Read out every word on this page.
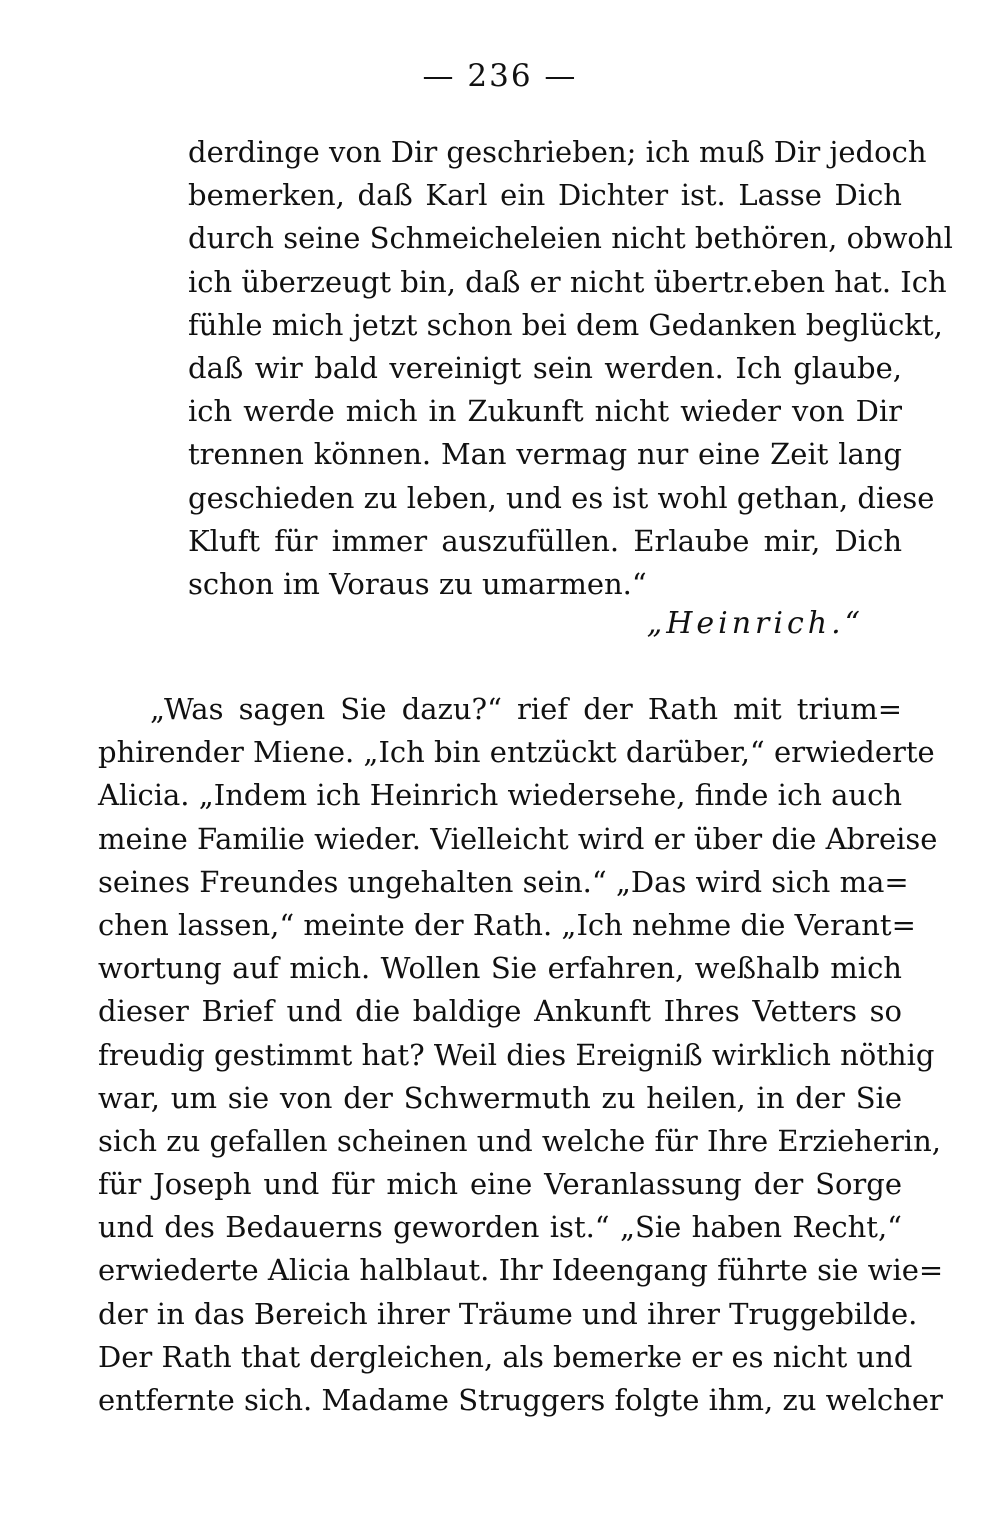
— 236 —
derdinge von Dir geschrieben; ich muß Dir jedoch
bemerken, daß Karl ein Dichter ist. Lasse Dich
durch seine Schmeicheleien nicht bethören, obwohl
ich überzeugt bin, daß er nicht übertr.eben hat. Ich
fühle mich jetzt schon bei dem Gedanken beglückt,
daß wir bald vereinigt sein werden. Ich glaube,
ich werde mich in Zukunft nicht wieder von Dir
trennen können. Man vermag nur eine Zeit lang
geschieden zu leben, und es ist wohl gethan, diese
Kluft für immer auszufüllen. Erlaube mir, Dich
schon im Voraus zu umarmen.“
„Heinrich.“
„Was sagen Sie dazu?“ rief der Rath mit trium=
phirender Miene. „Ich bin entzückt darüber,“ erwiederte
Alicia. „Indem ich Heinrich wiedersehe, finde ich auch
meine Familie wieder. Vielleicht wird er über die Abreise
seines Freundes ungehalten sein.“ „Das wird sich ma=
chen lassen,“ meinte der Rath. „Ich nehme die Verant=
wortung auf mich. Wollen Sie erfahren, weßhalb mich
dieser Brief und die baldige Ankunft Ihres Vetters so
freudig gestimmt hat? Weil dies Ereigniß wirklich nöthig
war, um sie von der Schwermuth zu heilen, in der Sie
sich zu gefallen scheinen und welche für Ihre Erzieherin,
für Joseph und für mich eine Veranlassung der Sorge
und des Bedauerns geworden ist.“ „Sie haben Recht,“
erwiederte Alicia halblaut. Ihr Ideengang führte sie wie=
der in das Bereich ihrer Träume und ihrer Truggebilde.
Der Rath that dergleichen, als bemerke er es nicht und
entfernte sich. Madame Struggers folgte ihm, zu welcher
